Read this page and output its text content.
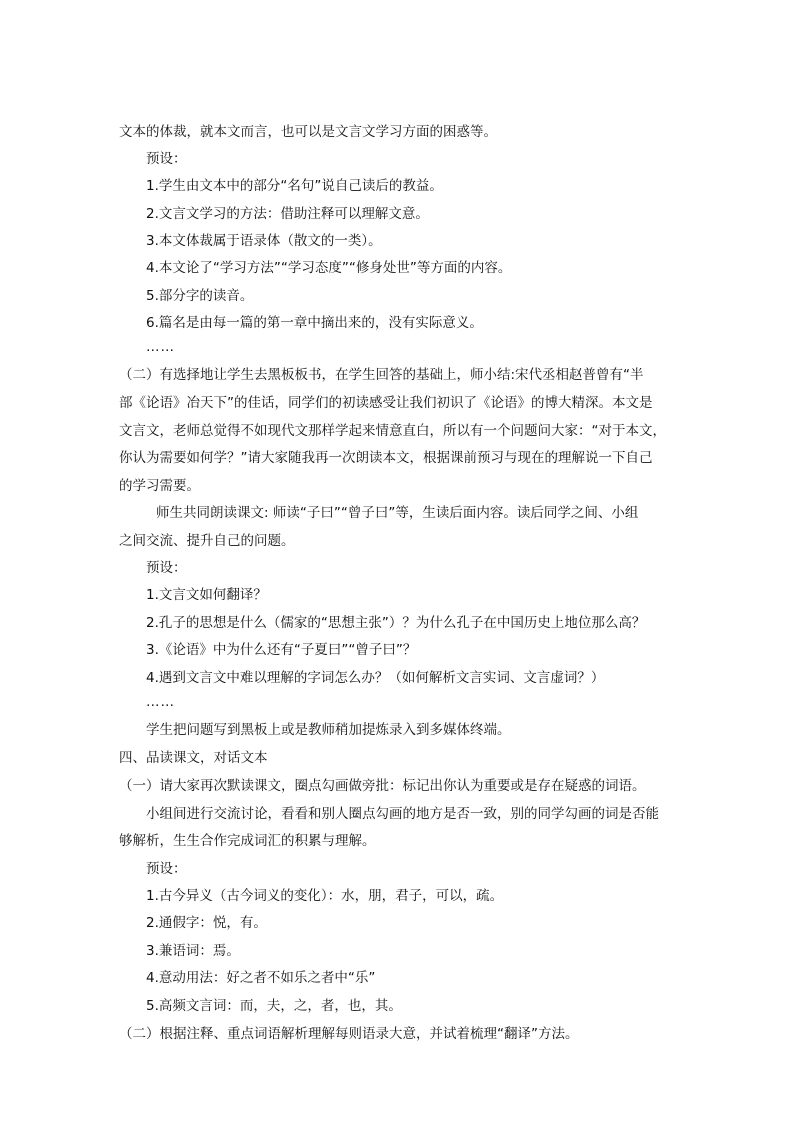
文本的体裁，就本文而言，也可以是文言文学习方面的困惑等。
预设：
1.学生由文本中的部分“名句”说自己读后的教益。
2.文言文学习的方法：借助注释可以理解文意。
3.本文体裁属于语录体（散文的一类）。
4.本文论了“学习方法”“学习态度”“修身处世”等方面的内容。
5.部分字的读音。
6.篇名是由每一篇的第一章中摘出来的，没有实际意义。
……
（二）有选择地让学生去黑板板书，在学生回答的基础上，师小结:宋代丞相赵普曾有“半
部《论语》冶天下”的佳话，同学们的初读感受让我们初识了《论语》的博大精深。本文是
文言文，老师总觉得不如现代文那样学起来情意直白，所以有一个问题问大家：“对于本文，
你认为需要如何学？”请大家随我再一次朗读本文，根据课前预习与现在的理解说一下自己
的学习需要。
师生共同朗读课文: 师读“子曰”“曾子曰”等，生读后面内容。读后同学之间、小组
之间交流、提升自己的问题。
预设：
1.文言文如何翻译？
2.孔子的思想是什么（儒家的“思想主张”）？为什么孔子在中国历史上地位那么高？
3.《论语》中为什么还有“子夏曰”“曾子曰”？
4.遇到文言文中难以理解的字词怎么办？（如何解析文言实词、文言虚词？）
……
学生把问题写到黑板上或是教师稍加提炼录入到多媒体终端。
四、品读课文，对话文本
（一）请大家再次默读课文，圈点勾画做旁批：标记出你认为重要或是存在疑惑的词语。
小组间进行交流讨论，看看和别人圈点勾画的地方是否一致，别的同学勾画的词是否能
够解析，生生合作完成词汇的积累与理解。
预设：
1.古今异义（古今词义的变化）：水，朋，君子，可以，疏。
2.通假字：悦，有。
3.兼语词：焉。
4.意动用法：好之者不如乐之者中“乐”
5.高频文言词：而，夫，之，者，也，其。
（二）根据注释、重点词语解析理解每则语录大意，并试着梳理“翻译”方法。
